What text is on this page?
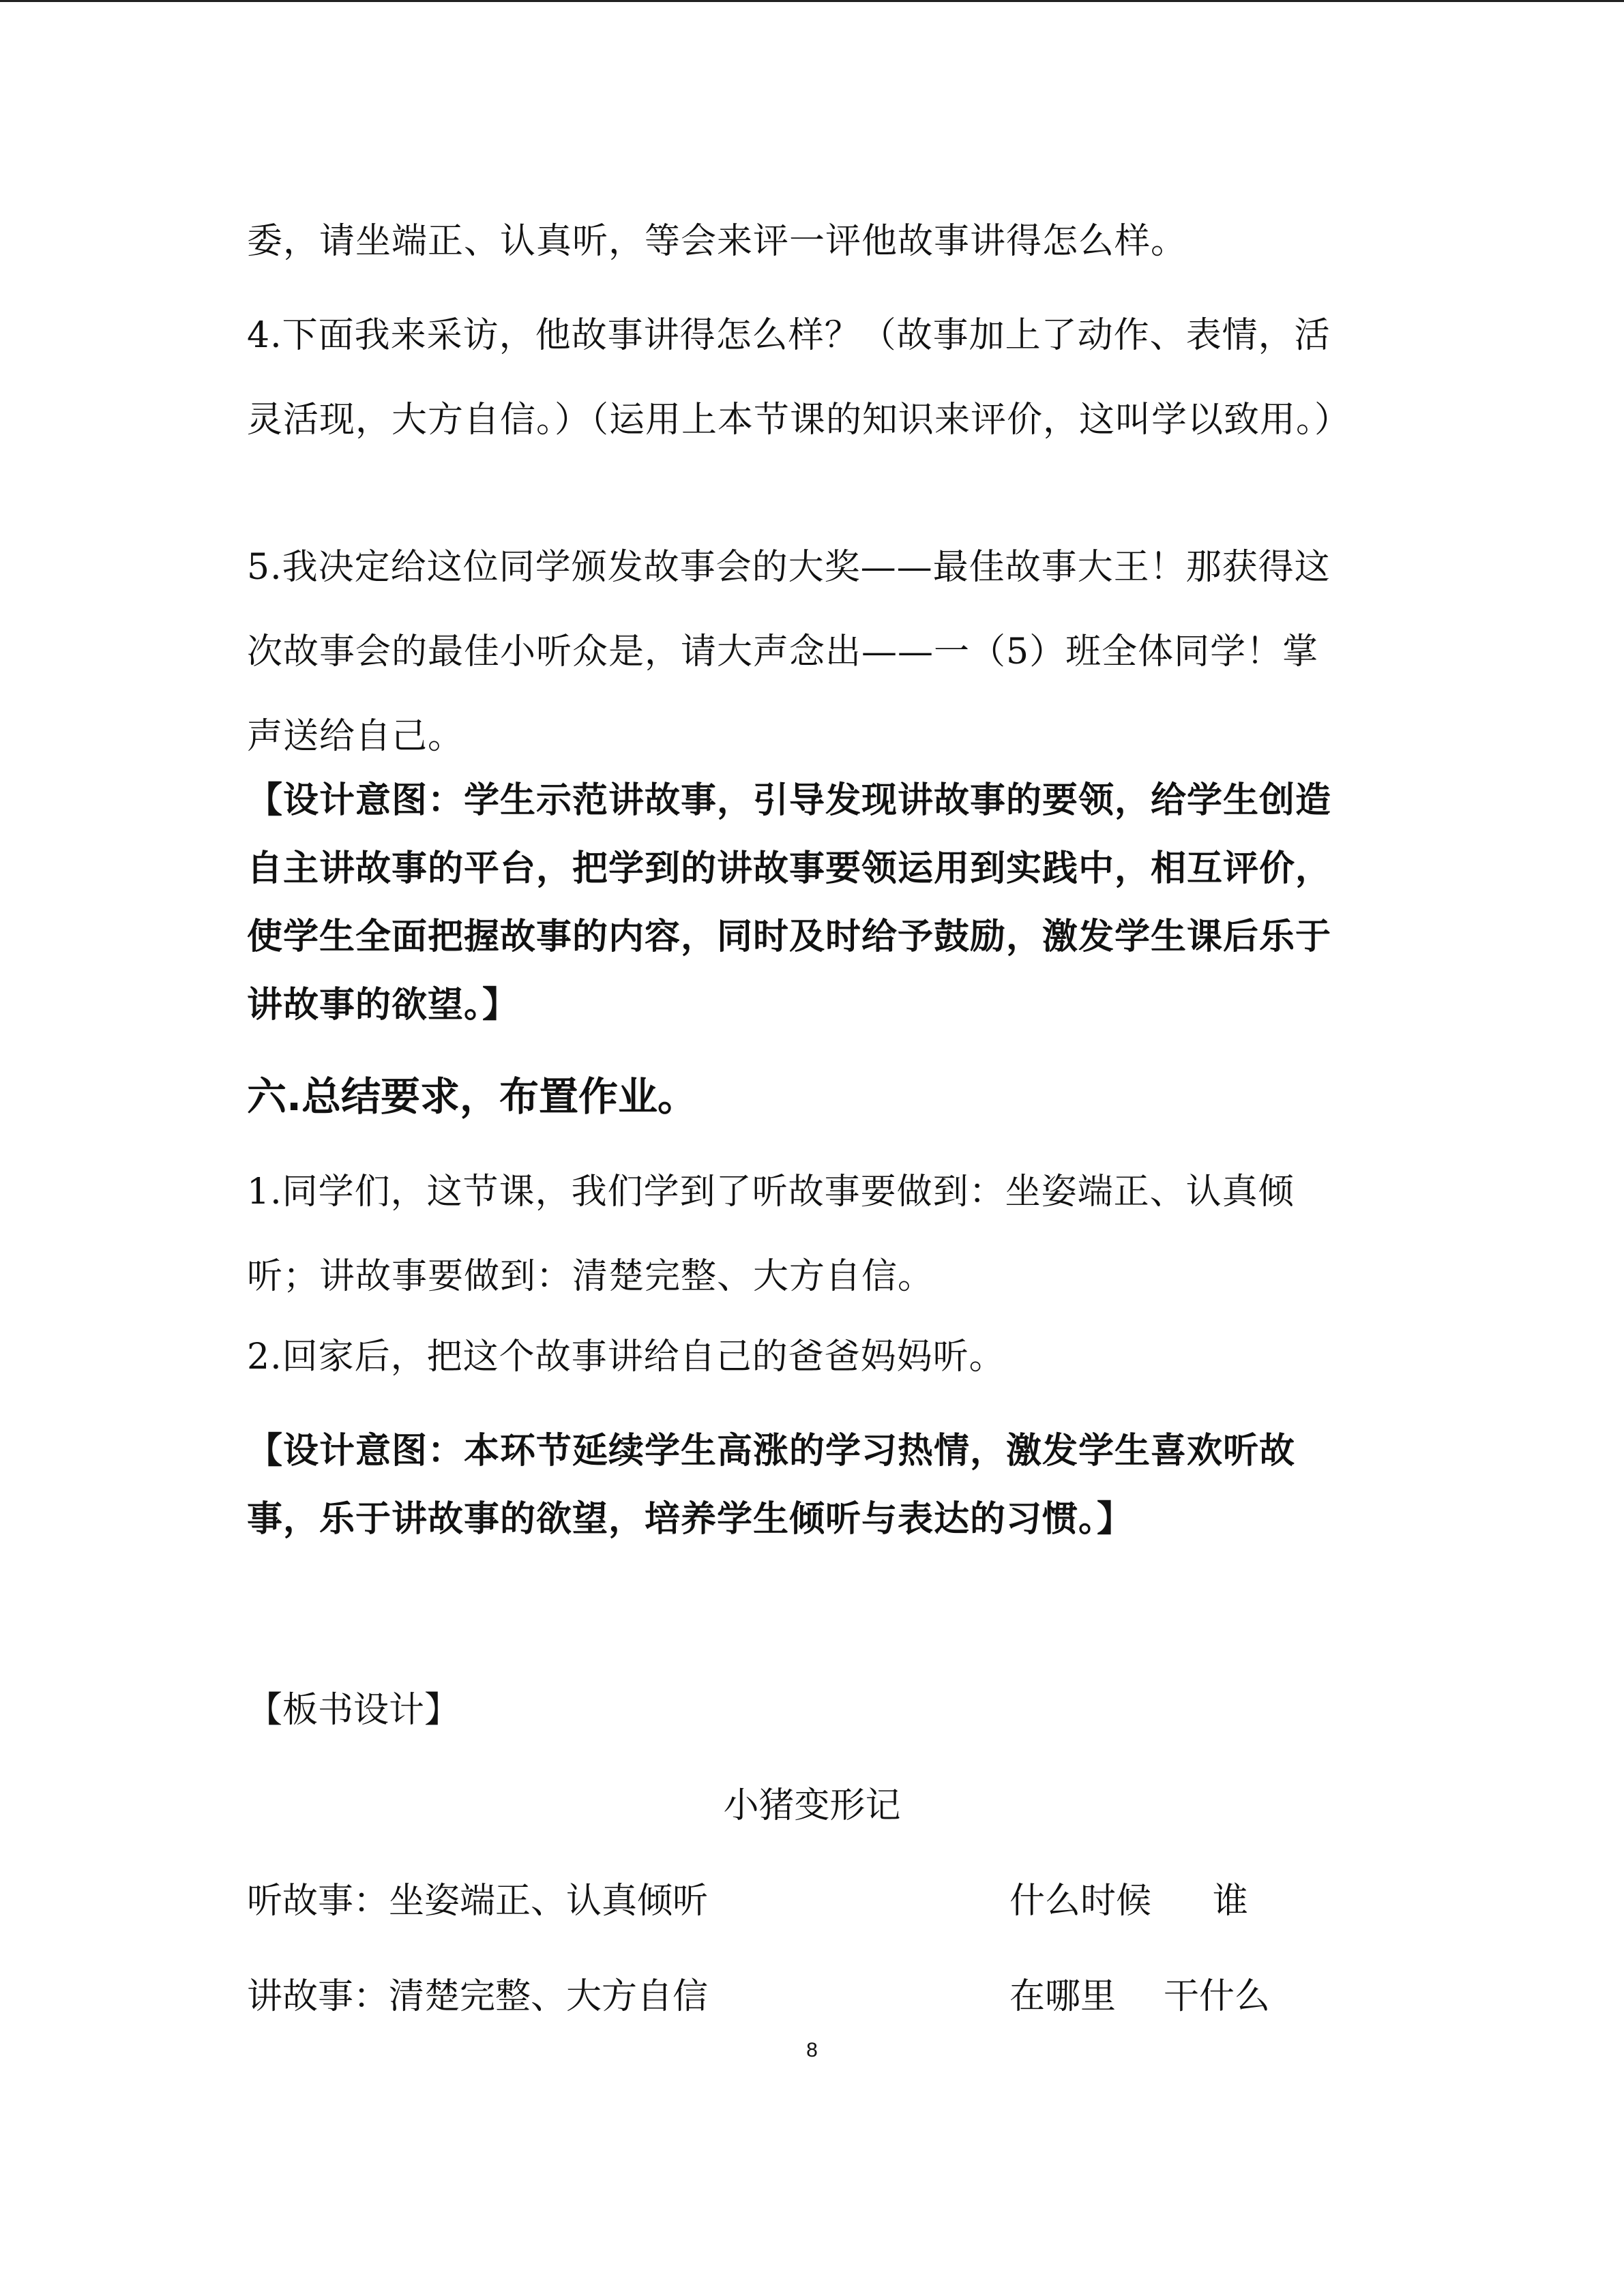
委，请坐端正、认真听，等会来评一评他故事讲得怎么样。

4.下面我来采访，他故事讲得怎么样？（故事加上了动作、表情，活灵活现，大方自信。）（运用上本节课的知识来评价，这叫学以致用。）

5.我决定给这位同学颁发故事会的大奖——最佳故事大王！那获得这次故事会的最佳小听众是，请大声念出——一（5）班全体同学！掌声送给自己。

【设计意图：学生示范讲故事，引导发现讲故事的要领，给学生创造自主讲故事的平台，把学到的讲故事要领运用到实践中，相互评价，使学生全面把握故事的内容，同时及时给予鼓励，激发学生课后乐于讲故事的欲望。】

六.总结要求，布置作业。

1.同学们，这节课，我们学到了听故事要做到：坐姿端正、认真倾听；讲故事要做到：清楚完整、大方自信。

2.回家后，把这个故事讲给自己的爸爸妈妈听。

【设计意图：本环节延续学生高涨的学习热情，激发学生喜欢听故事，乐于讲故事的欲望，培养学生倾听与表达的习惯。】

【板书设计】
小猪变形记
听故事：坐姿端正、认真倾听	什么时候 谁
讲故事：清楚完整、大方自信	在哪里 干什么
8
